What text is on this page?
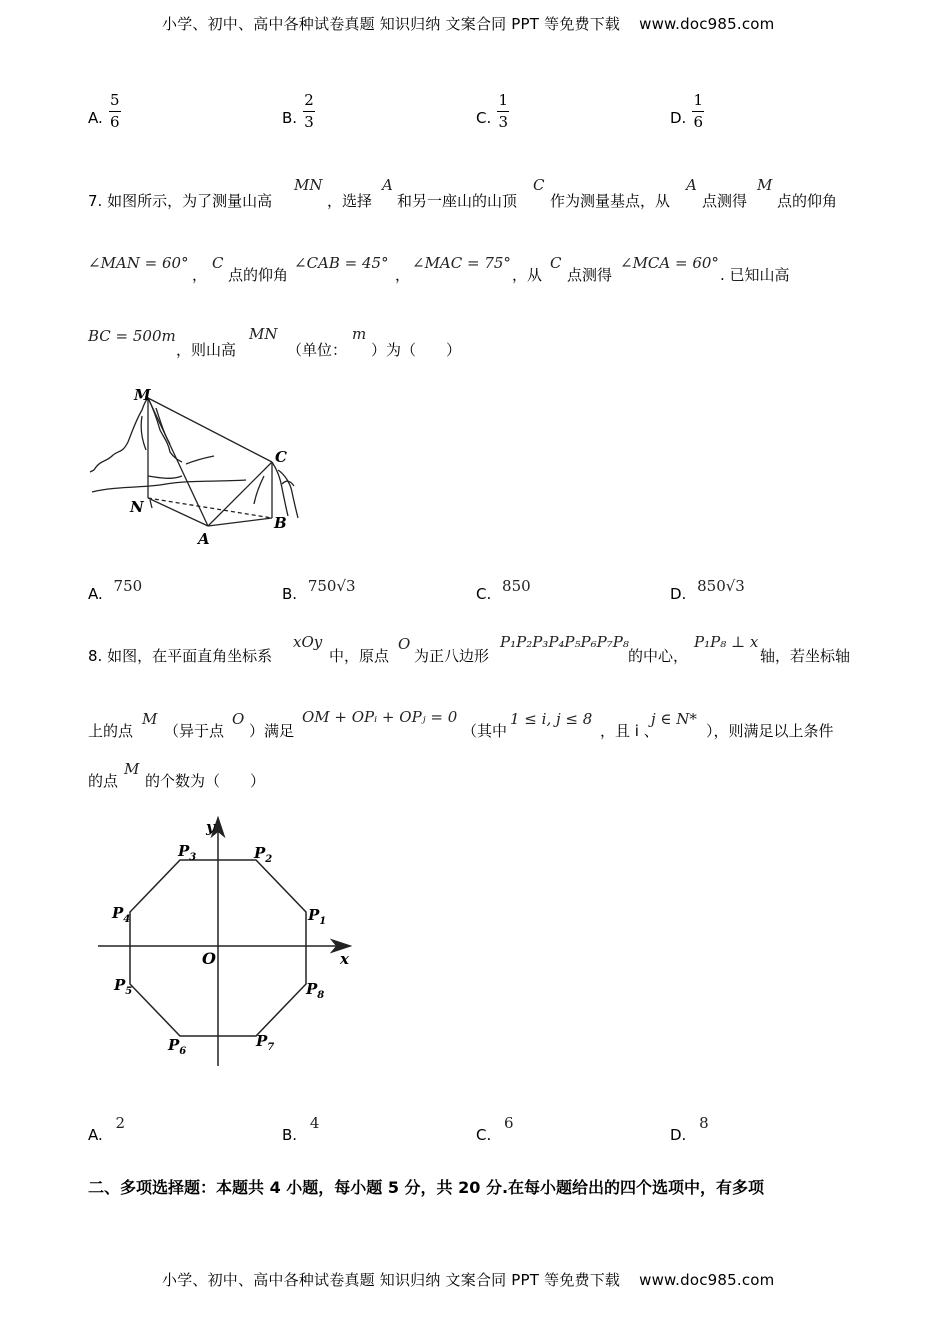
小学、初中、高中各种试卷真题 知识归纳 文案合同 PPT 等免费下载 www.doc985.com
A. $\frac{5}{6}$	B. $\frac{2}{3}$	C. $\frac{1}{3}$	D. $\frac{1}{6}$
7. 如图所示，为了测量山高
MN
，选择
A
和另一座山的山顶
C
作为测量基点，从
A
点测得
M
点的仰角
∠MAN = 60°
，
C
点的仰角
∠CAB = 45°
，
∠MAC = 75°
，从
C
点测得
∠MCA = 60°
. 已知山高
BC = 500m
，则山高
MN
（单位：
m
）为（　　）
M
N
A
B
C
A. 750	B. 750√3	C. 850	D. 850√3
8. 如图，在平面直角坐标系
xOy
中，原点
O
为正八边形
P₁P₂P₃P₄P₅P₆P₇P₈
的中心，
P₁P₈ ⊥ x
轴，若坐标轴
上的点
M
（异于点
O
）满足
OM + OPᵢ + OPⱼ = 0
（其中
1 ≤ i, j ≤ 8
，且 i 、
j ∈ N*
），则满足以上条件
的点
M
的个数为（　　）
y
x
O
$P_1$
$P_2$
$P_3$
$P_4$
$P_5$
$P_6$
$P_7$
$P_8$
A. 2
B. 4
C. 6
D. 8
二、多项选择题：本题共 4 小题，每小题 5 分，共 20 分.在每小题给出的四个选项中，有多项
小学、初中、高中各种试卷真题 知识归纳 文案合同 PPT 等免费下载 www.doc985.com
